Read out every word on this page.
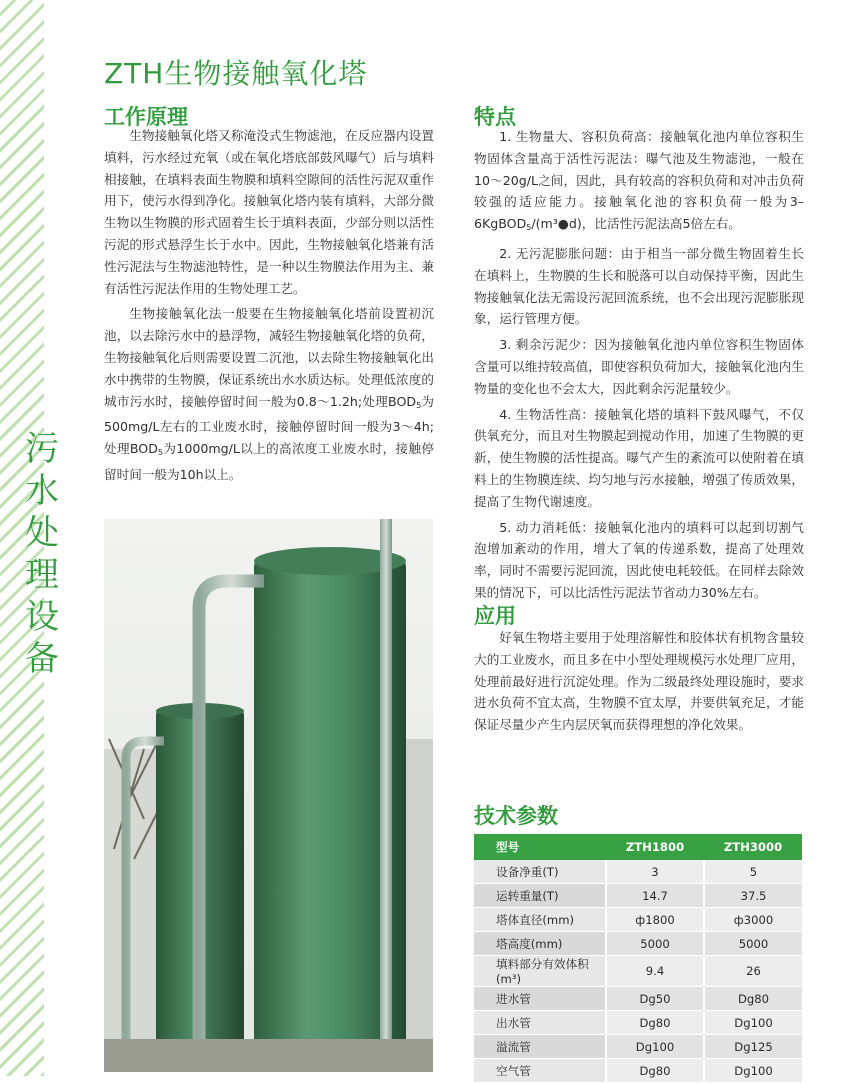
污
水
处
理
设
备
ZTH生物接触氧化塔
工作原理

生物接触氧化塔又称淹没式生物滤池，在反应器内设置填料，污水经过充氧（或在氧化塔底部鼓风曝气）后与填料相接触，在填料表面生物膜和填料空隙间的活性污泥双重作用下，使污水得到净化。接触氧化塔内装有填料，大部分微生物以生物膜的形式固着生长于填料表面，少部分则以活性污泥的形式悬浮生长于水中。因此，生物接触氧化塔兼有活性污泥法与生物滤池特性，是一种以生物膜法作用为主、兼有活性污泥法作用的生物处理工艺。

生物接触氧化法一般要在生物接触氧化塔前设置初沉池，以去除污水中的悬浮物，减轻生物接触氧化塔的负荷，生物接触氧化后则需要设置二沉池，以去除生物接触氧化出水中携带的生物膜，保证系统出水水质达标。处理低浓度的城市污水时，接触停留时间一般为0.8～1.2h;处理$BOD_5$为500mg/L左右的工业废水时，接触停留时间一般为3～4h;处理$BOD_5$为1000mg/L以上的高浓度工业废水时，接触停留时间一般为10h以上。

特点

1. 生物量大、容积负荷高：接触氧化池内单位容积生物固体含量高于活性污泥法：曝气池及生物滤池，一般在10～20g/L之间，因此，具有较高的容积负荷和对冲击负荷较强的适应能力。接触氧化池的容积负荷一般为3–6KgBOD$_5$/(m³●d)，比活性污泥法高5倍左右。

2. 无污泥膨胀问题：由于相当一部分微生物固着生长在填料上，生物膜的生长和脱落可以自动保持平衡，因此生物接触氧化法无需设污泥回流系统，也不会出现污泥膨胀现象，运行管理方便。

3. 剩余污泥少：因为接触氧化池内单位容积生物固体含量可以维持较高值，即使容积负荷加大，接触氧化池内生物量的变化也不会太大，因此剩余污泥量较少。

4. 生物活性高：接触氧化塔的填料下鼓风曝气，不仅供氧充分，而且对生物膜起到搅动作用，加速了生物膜的更新，使生物膜的活性提高。曝气产生的紊流可以使附着在填料上的生物膜连续、均匀地与污水接触，增强了传质效果，提高了生物代谢速度。

5. 动力消耗低：接触氧化池内的填料可以起到切割气泡增加紊动的作用，增大了氧的传递系数，提高了处理效率，同时不需要污泥回流，因此使电耗较低。在同样去除效果的情况下，可以比活性污泥法节省动力30%左右。

应用

好氧生物塔主要用于处理溶解性和胶体状有机物含量较大的工业废水，而且多在中小型处理规模污水处理厂应用，处理前最好进行沉淀处理。作为二级最终处理设施时，要求进水负荷不宜太高，生物膜不宜太厚，并要供氧充足，才能保证尽量少产生内层厌氧而获得理想的净化效果。

技术参数
型号	ZTH1800	ZTH3000
设备净重(T)	3	5
运转重量(T)	14.7	37.5
塔体直径(mm)	ф1800	ф3000
塔高度(mm)	5000	5000
填料部分有效体积(m³)	9.4	26
进水管	Dg50	Dg80
出水管	Dg80	Dg100
溢流管	Dg100	Dg125
空气管	Dg80	Dg100
